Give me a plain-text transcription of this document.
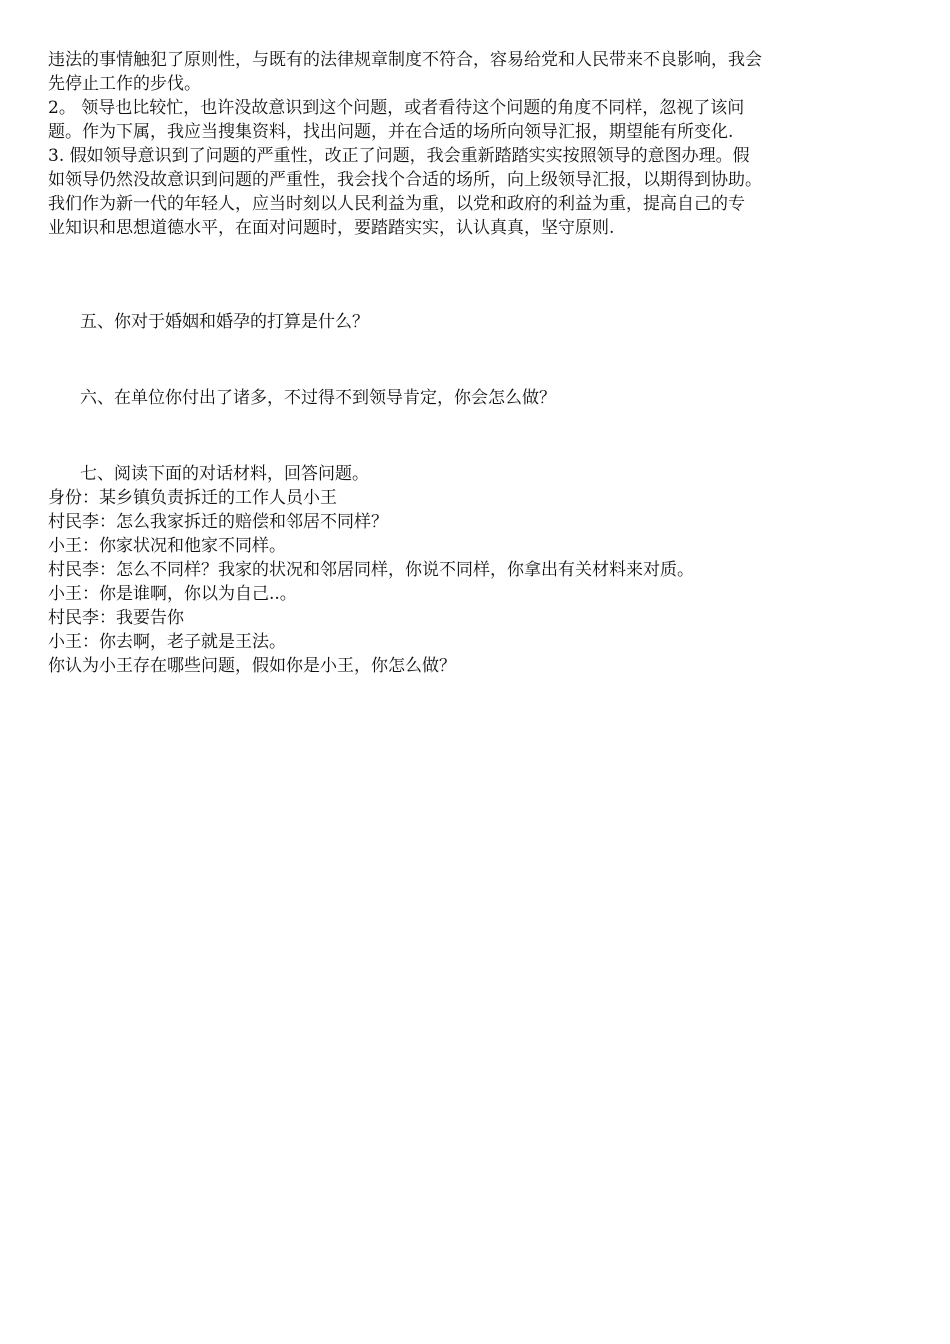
违法的事情触犯了原则性，与既有的法律规章制度不符合，容易给党和人民带来不良影响，我会
先停止工作的步伐。
2。 领导也比较忙，也许没故意识到这个问题，或者看待这个问题的角度不同样，忽视了该问
题。作为下属，我应当搜集资料，找出问题，并在合适的场所向领导汇报，期望能有所变化.
3. 假如领导意识到了问题的严重性，改正了问题，我会重新踏踏实实按照领导的意图办理。假
如领导仍然没故意识到问题的严重性，我会找个合适的场所，向上级领导汇报，以期得到协助。
我们作为新一代的年轻人，应当时刻以人民利益为重，以党和政府的利益为重，提高自己的专
业知识和思想道德水平，在面对问题时，要踏踏实实，认认真真，坚守原则.
五、你对于婚姻和婚孕的打算是什么？
六、在单位你付出了诸多，不过得不到领导肯定，你会怎么做？
七、阅读下面的对话材料，回答问题。
身份：某乡镇负责拆迁的工作人员小王
村民李：怎么我家拆迁的赔偿和邻居不同样？
小王：你家状况和他家不同样。
村民李：怎么不同样？我家的状况和邻居同样，你说不同样，你拿出有关材料来对质。
小王：你是谁啊，你以为自己..。
村民李：我要告你
小王：你去啊，老子就是王法。
你认为小王存在哪些问题，假如你是小王，你怎么做？
